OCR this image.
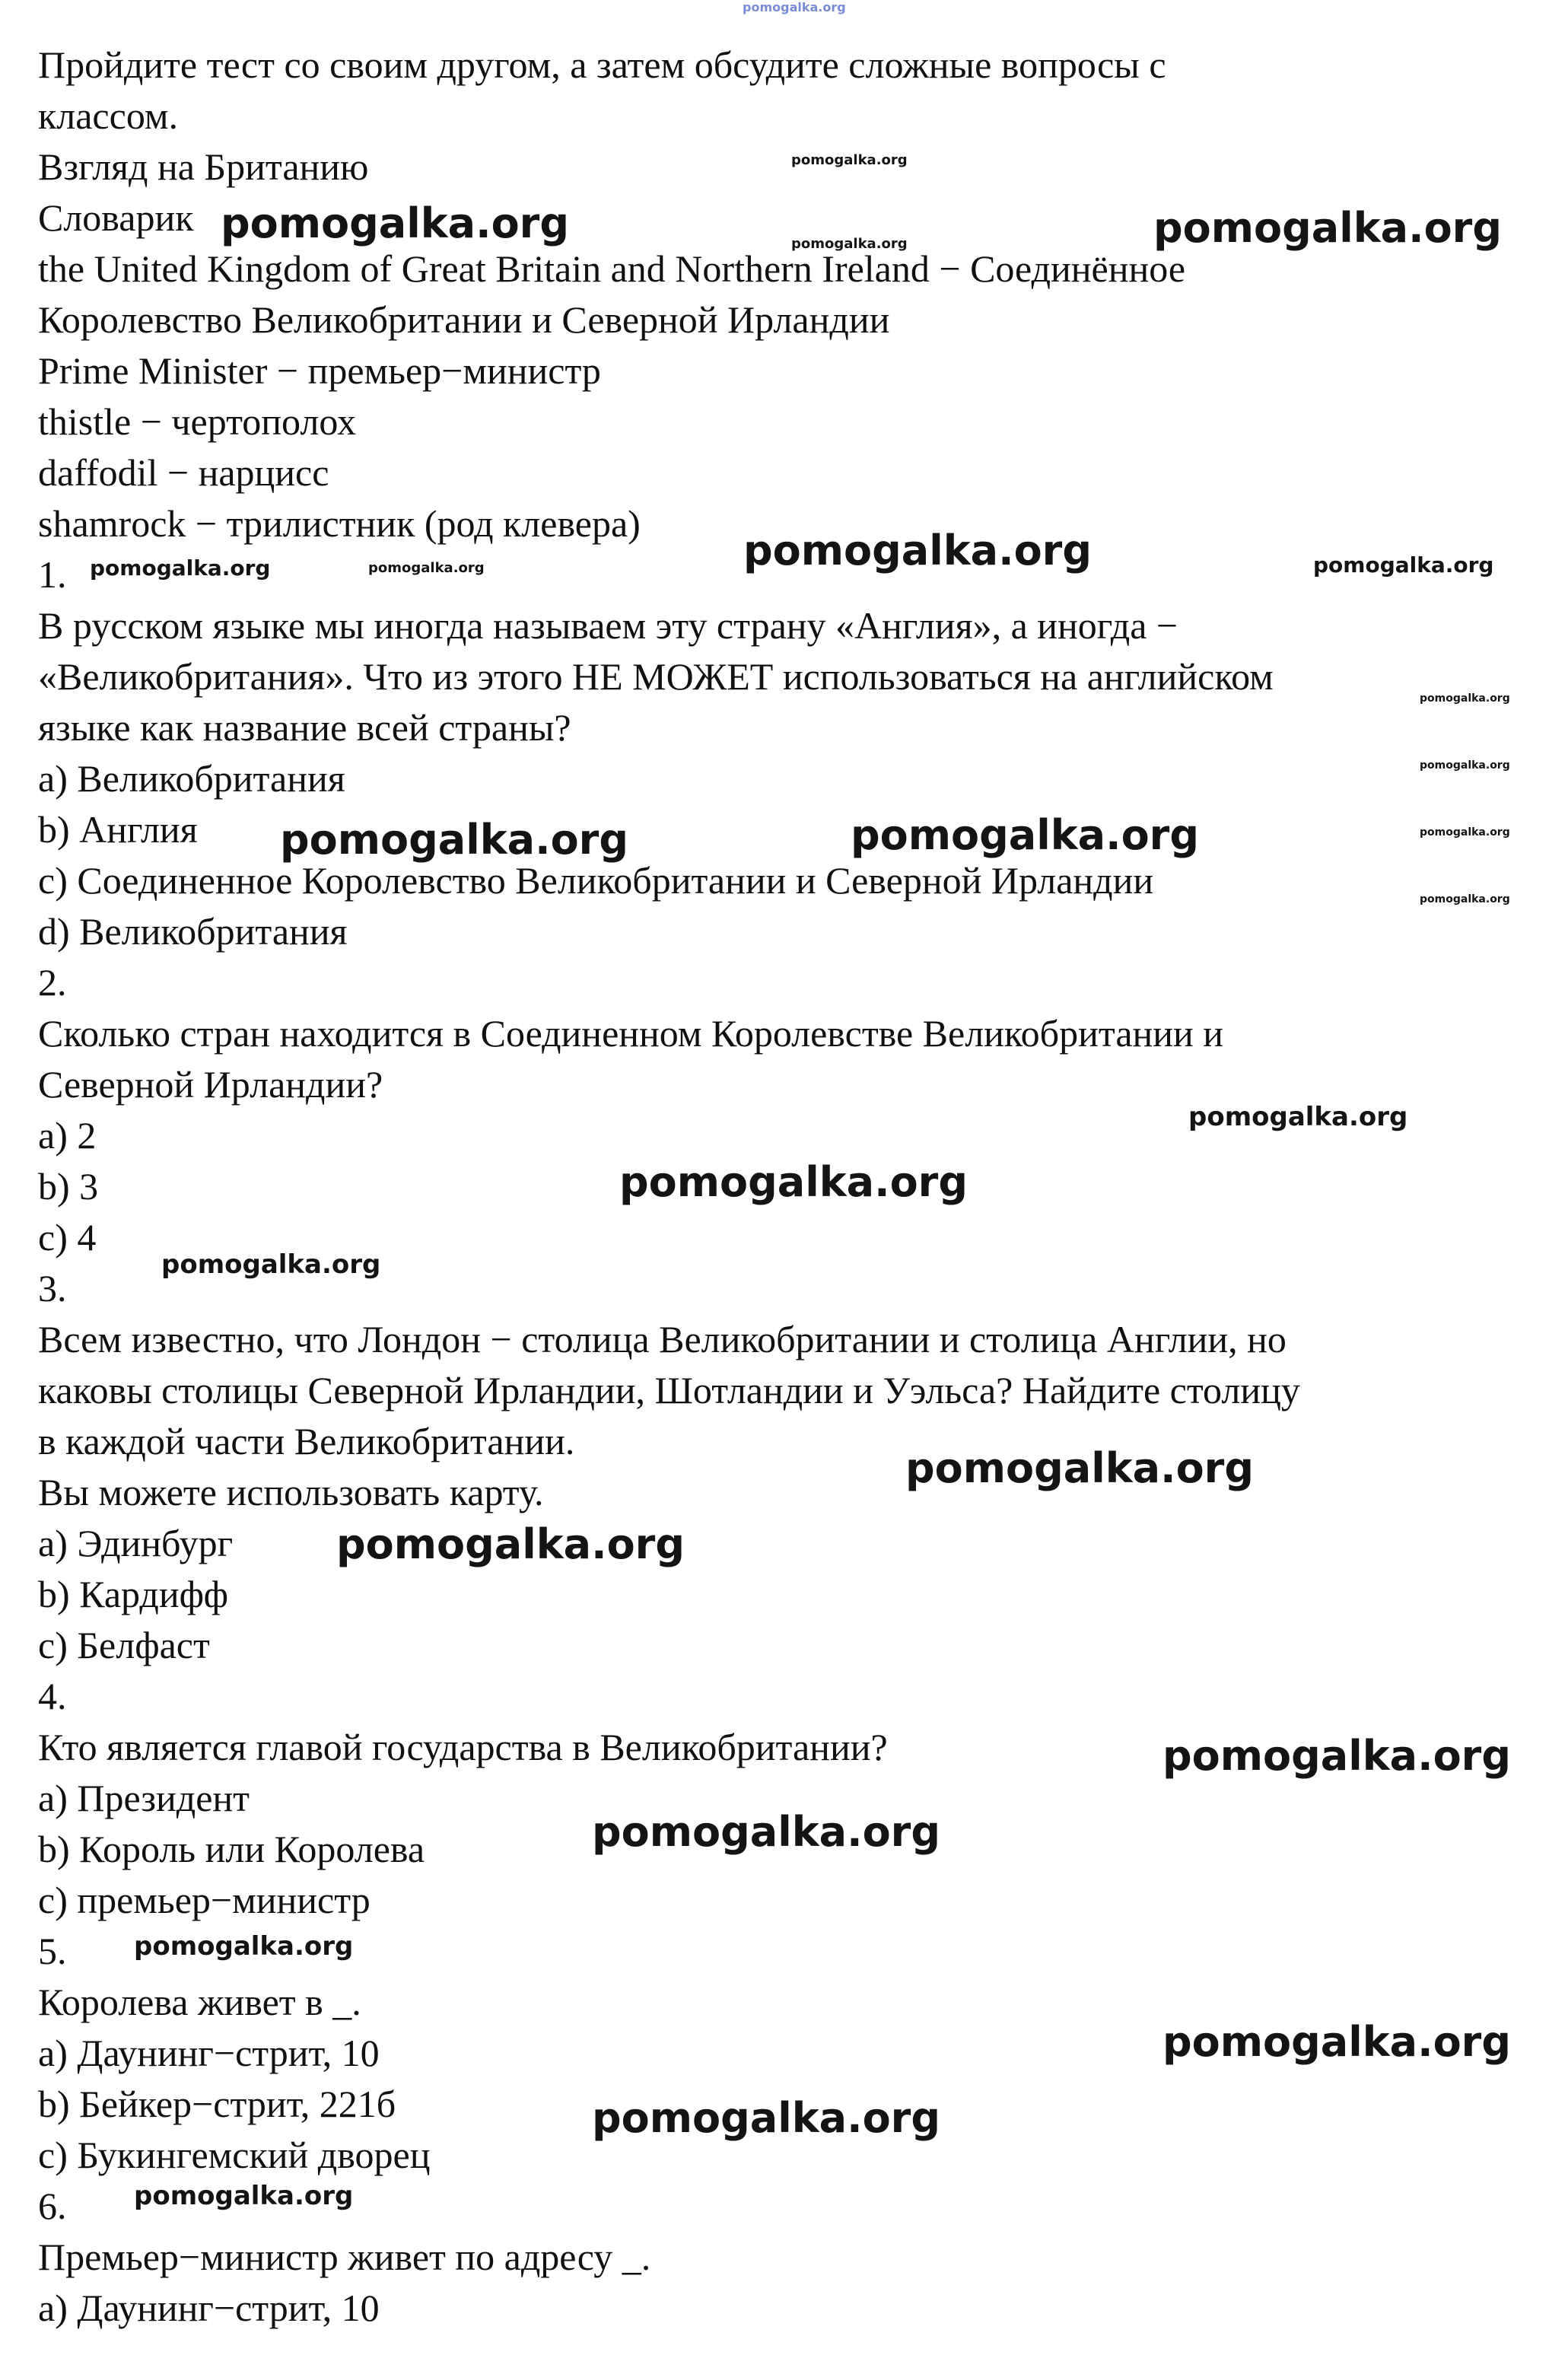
pomogalka.org

Пройдите тест со своим другом, а затем обсудите сложные вопросы с

классом.

Взгляд на Британию

Словарик

the United Kingdom of Great Britain and Northern Ireland − Соединённое

Королевство Великобритании и Северной Ирландии

Prime Minister − премьер−министр

thistle − чертополох

daffodil − нарцисс

shamrock − трилистник (род клевера)

1.

В русском языке мы иногда называем эту страну «Англия», а иногда −

«Великобритания». Что из этого НЕ МОЖЕТ использоваться на английском

языке как название всей страны?

a) Великобритания

b) Англия

c) Соединенное Королевство Великобритании и Северной Ирландии

d) Великобритания

2.

Сколько стран находится в Соединенном Королевстве Великобритании и

Северной Ирландии?

a) 2

b) 3

c) 4

3.

Всем известно, что Лондон − столица Великобритании и столица Англии, но

каковы столицы Северной Ирландии, Шотландии и Уэльса? Найдите столицу

в каждой части Великобритании.

Вы можете использовать карту.

a) Эдинбург

b) Кардифф

c) Белфаст

4.

Кто является главой государства в Великобритании?

a) Президент

b) Король или Королева

c) премьер−министр

5.

Королева живет в _.

a) Даунинг−стрит, 10

b) Бейкер−стрит, 221б

c) Букингемский дворец

6.

Премьер−министр живет по адресу _.

a) Даунинг−стрит, 10

pomogalka.org
pomogalka.org	pomogalka.org	pomogalka.org
pomogalka.org
pomogalka.org	pomogalka.org	pomogalka.org
pomogalka.org
pomogalka.org
pomogalka.org	pomogalka.org	pomogalka.org
pomogalka.org
pomogalka.org
pomogalka.org
pomogalka.org
pomogalka.org
pomogalka.org
pomogalka.org
pomogalka.org
pomogalka.org
pomogalka.org
pomogalka.org
pomogalka.org
